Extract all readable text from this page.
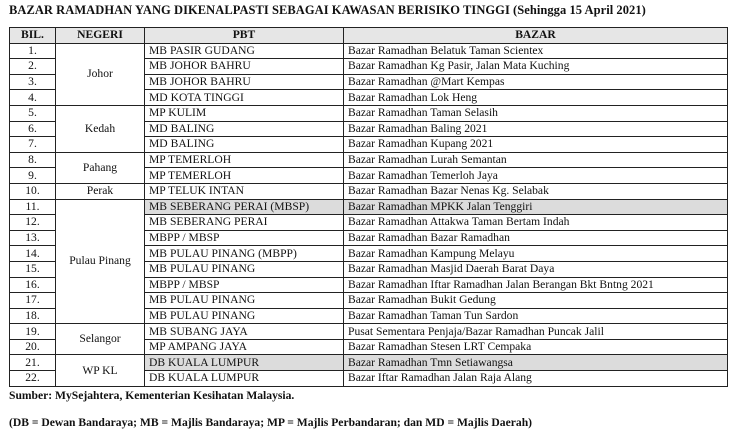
BAZAR RAMADHAN YANG DIKENALPASTI SEBAGAI KAWASAN BERISIKO TINGGI (Sehingga 15 April 2021)
BIL.	NEGERI	PBT	BAZAR
1.	Johor	MB PASIR GUDANG	Bazar Ramadhan Belatuk Taman Scientex
2.		MB JOHOR BAHRU	Bazar Ramadhan Kg Pasir, Jalan Mata Kuching
3.		MB JOHOR BAHRU	Bazar Ramadhan @Mart Kempas
4.		MD KOTA TINGGI	Bazar Ramadhan Lok Heng
5.	Kedah	MP KULIM	Bazar Ramadhan Taman Selasih
6.		MD BALING	Bazar Ramadhan Baling 2021
7.		MD BALING	Bazar Ramadhan Kupang 2021
8.	Pahang	MP TEMERLOH	Bazar Ramadhan Lurah Semantan
9.		MP TEMERLOH	Bazar Ramadhan Temerloh Jaya
10.	Perak	MP TELUK INTAN	Bazar Ramadhan Bazar Nenas Kg. Selabak
11.	Pulau Pinang	MB SEBERANG PERAI (MBSP)	Bazar Ramadhan MPKK Jalan Tenggiri
12.		MB SEBERANG PERAI	Bazar Ramadhan Attakwa Taman Bertam Indah
13.		MBPP / MBSP	Bazar Ramadhan Bazar Ramadhan
14.		MB PULAU PINANG (MBPP)	Bazar Ramadhan Kampung Melayu
15.		MB PULAU PINANG	Bazar Ramadhan Masjid Daerah Barat Daya
16.		MBPP / MBSP	Bazar Ramadhan Iftar Ramadhan Jalan Berangan Bkt Bntng 2021
17.		MB PULAU PINANG	Bazar Ramadhan Bukit Gedung
18.		MB PULAU PINANG	Bazar Ramadhan Taman Tun Sardon
19.	Selangor	MB SUBANG JAYA	Pusat Sementara Penjaja/Bazar Ramadhan Puncak Jalil
20.		MP AMPANG JAYA	Bazar Ramadhan Stesen LRT Cempaka
21.	WP KL	DB KUALA LUMPUR	Bazar Ramadhan Tmn Setiawangsa
22.		DB KUALA LUMPUR	Bazar Iftar Ramadhan Jalan Raja Alang
Sumber: MySejahtera, Kementerian Kesihatan Malaysia.
(DB = Dewan Bandaraya; MB = Majlis Bandaraya; MP = Majlis Perbandaran; dan MD = Majlis Daerah)
